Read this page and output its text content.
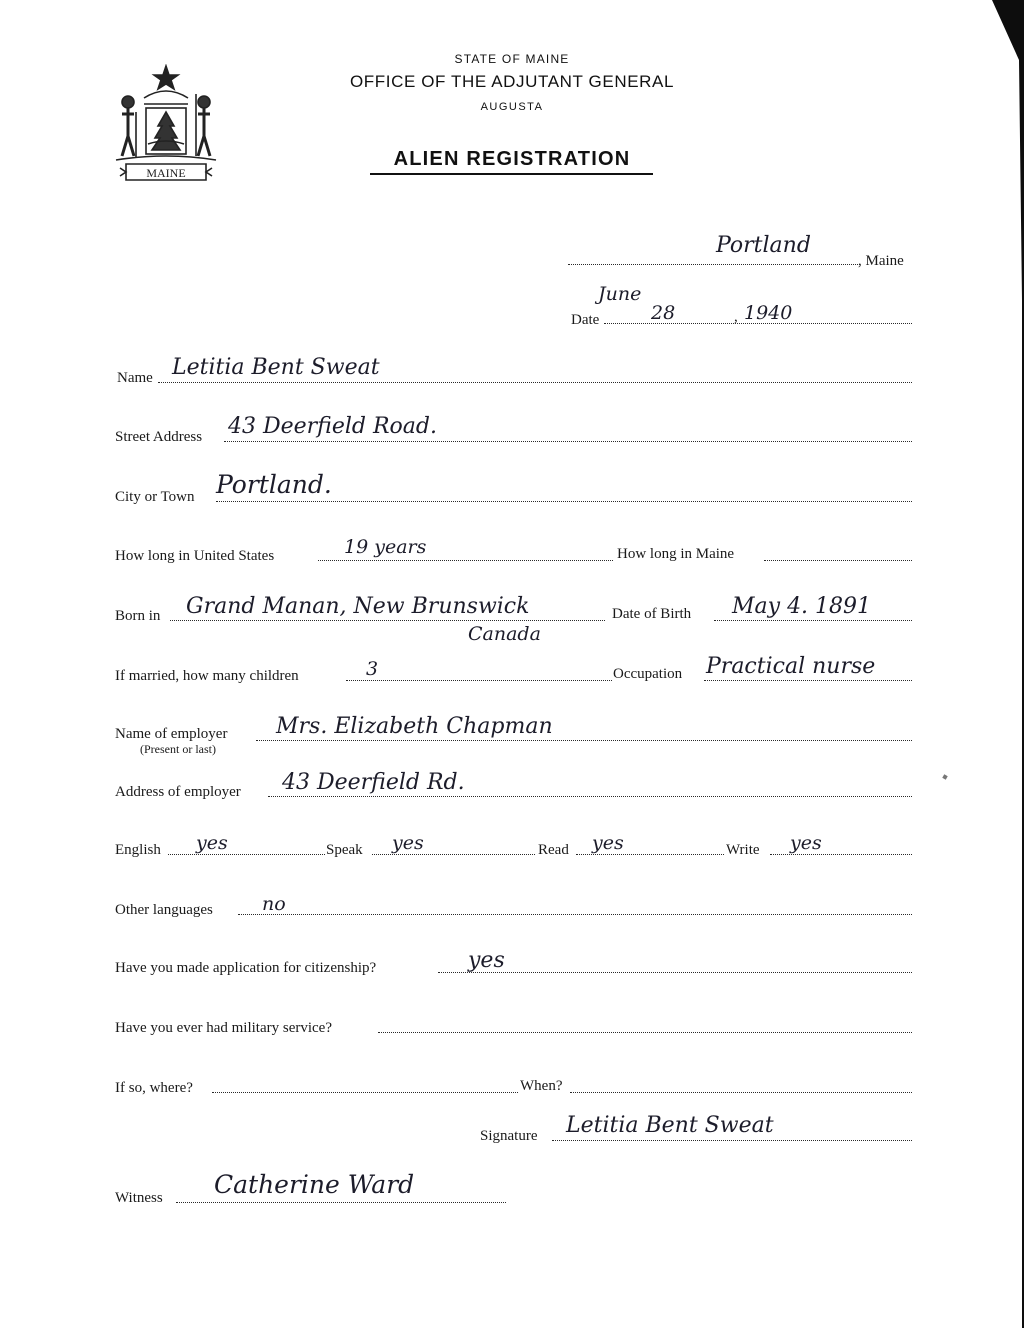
MAINE
STATE OF MAINE
OFFICE OF THE ADJUTANT GENERAL
AUGUSTA
ALIEN REGISTRATION
Portland
, Maine
Date
June
28	, 1940
Name Letitia Bent Sweat
Street Address 43 Deerfield Road.
City or Town Portland.
How long in United States	19 years	How long in Maine
Born in Grand Manan, New Brunswick
Canada
Date of Birth May 4. 1891
If married, how many children	3	Occupation Practical nurse
Name of employer
(Present or last)
Mrs. Elizabeth Chapman
Address of employer 43 Deerfield Rd.
English yes	Speak yes	Read yes	Write yes
Other languages	no
Have you made application for citizenship?	yes
Have you ever had military service?
If so, where?	When?
Signature Letitia Bent Sweat
Witness Catherine Ward
